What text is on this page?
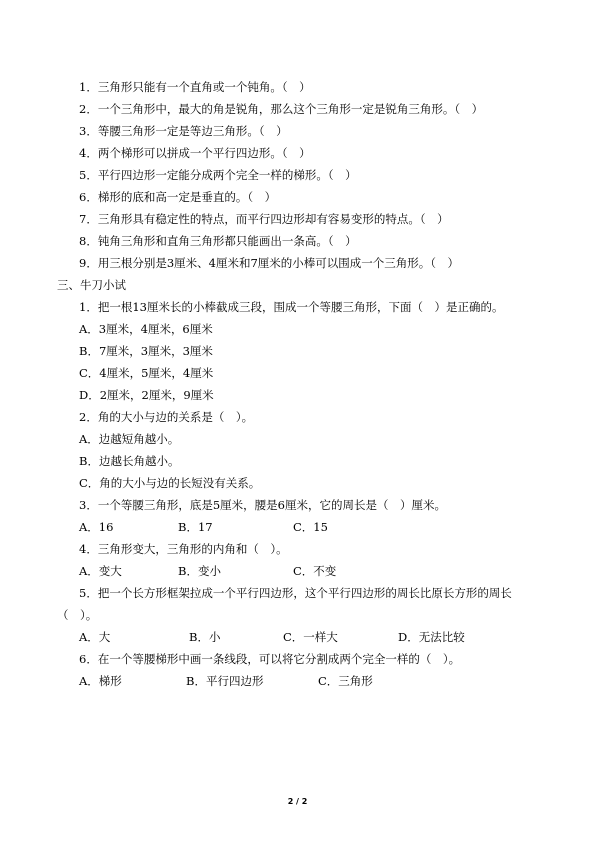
1．三角形只能有一个直角或一个钝角。（　）
2．一个三角形中，最大的角是锐角，那么这个三角形一定是锐角三角形。（　）
3．等腰三角形一定是等边三角形。（　）
4．两个梯形可以拼成一个平行四边形。（　）
5．平行四边形一定能分成两个完全一样的梯形。（　）
6．梯形的底和高一定是垂直的。（　）
7．三角形具有稳定性的特点，而平行四边形却有容易变形的特点。（　）
8．钝角三角形和直角三角形都只能画出一条高。（　）
9．用三根分别是3厘米、4厘米和7厘米的小棒可以围成一个三角形。（　）
三、牛刀小试
1．把一根13厘米长的小棒截成三段，围成一个等腰三角形，下面（　）是正确的。
A．3厘米，4厘米，6厘米
B．7厘米，3厘米，3厘米
C．4厘米，5厘米，4厘米
D．2厘米，2厘米，9厘米
2．角的大小与边的关系是（　）。
A．边越短角越小。
B．边越长角越小。
C．角的大小与边的长短没有关系。
3．一个等腰三角形，底是5厘米，腰是6厘米，它的周长是（　）厘米。
A．16	B．17	C．15
4．三角形变大，三角形的内角和（　）。
A．变大	B．变小	C．不变
5．把一个长方形框架拉成一个平行四边形，这个平行四边形的周长比原长方形的周长
（　）。
A．大	B．小	C．一样大	D．无法比较
6．在一个等腰梯形中画一条线段，可以将它分割成两个完全一样的（　）。
A．梯形	B．平行四边形	C．三角形
2 / 2
